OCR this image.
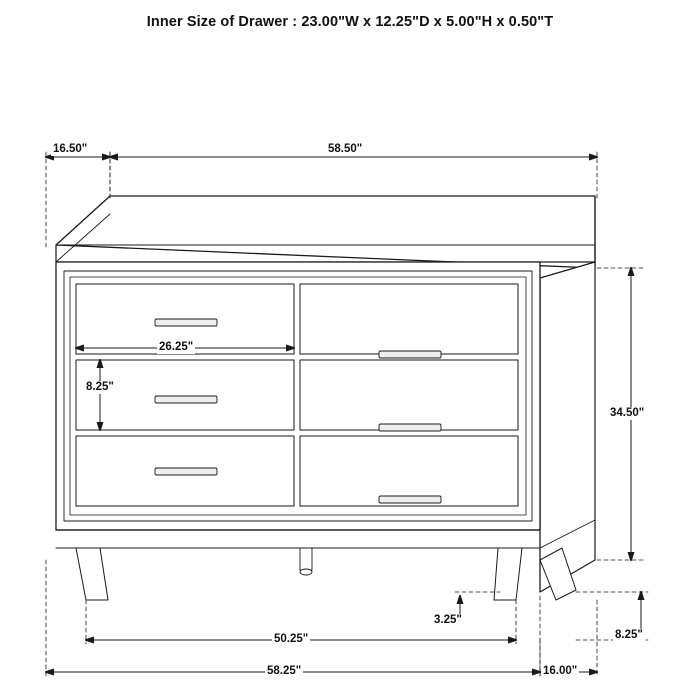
Inner Size of Drawer : 23.00"W x 12.25"D x 5.00"H x 0.50"T
16.50"	58.50"
34.50"
26.25"
8.25"
3.25"
50.25"
58.25"
8.25"
16.00"
